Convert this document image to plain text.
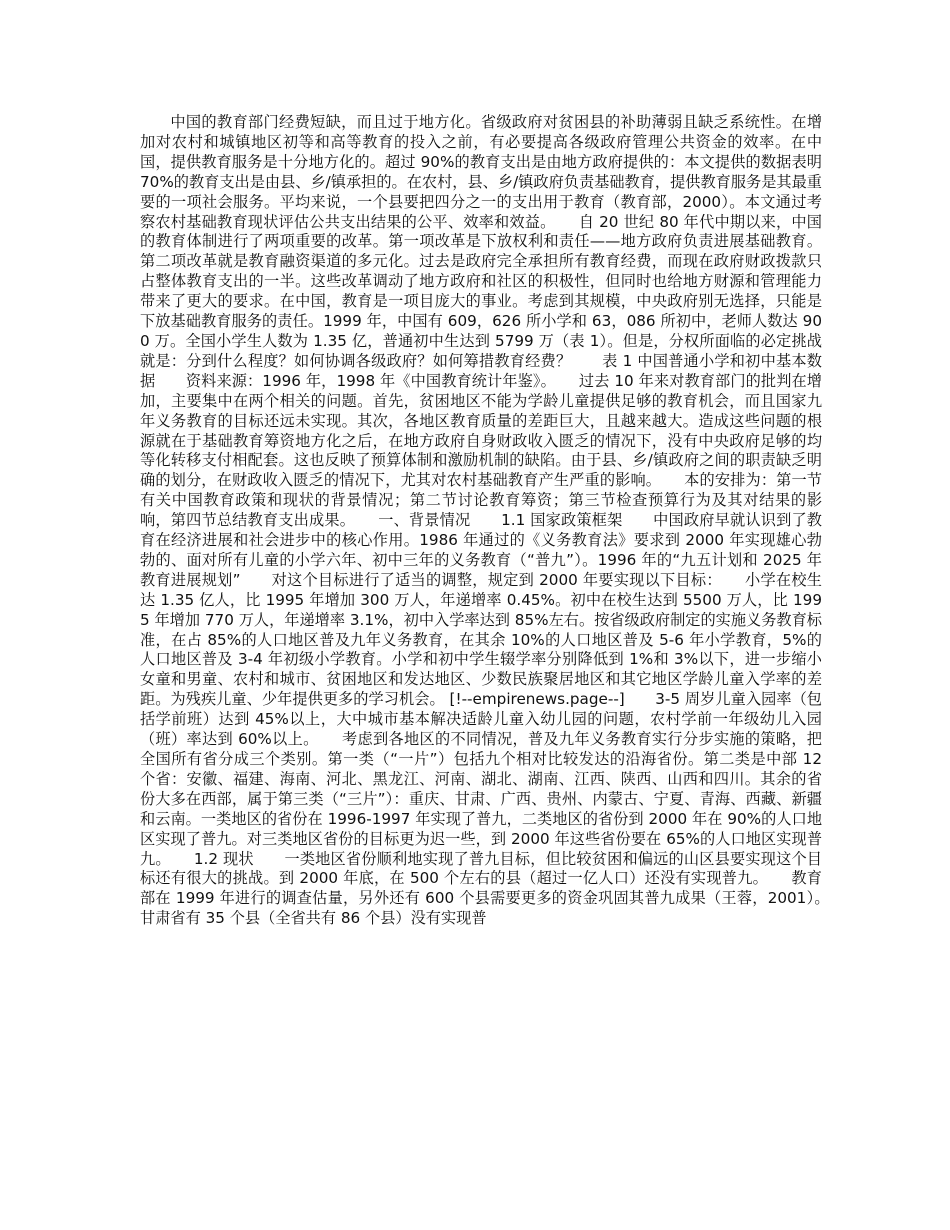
中国的教育部门经费短缺，而且过于地方化。省级政府对贫困县的补助薄弱且缺乏系统性。在增加对农村和城镇地区初等和高等教育的投入之前，有必要提高各级政府管理公共资金的效率。在中国，提供教育服务是十分地方化的。超过 90%的教育支出是由地方政府提供的：本文提供的数据表明 70%的教育支出是由县、乡/镇承担的。在农村，县、乡/镇政府负责基础教育，提供教育服务是其最重要的一项社会服务。平均来说，一个县要把四分之一的支出用于教育（教育部，2000）。本文通过考察农村基础教育现状评估公共支出结果的公平、效率和效益。　　自 20 世纪 80 年代中期以来，中国的教育体制进行了两项重要的改革。第一项改革是下放权利和责任——地方政府负责进展基础教育。第二项改革就是教育融资渠道的多元化。过去是政府完全承担所有教育经费，而现在政府财政拨款只占整体教育支出的一半。这些改革调动了地方政府和社区的积极性，但同时也给地方财源和管理能力带来了更大的要求。在中国，教育是一项目庞大的事业。考虑到其规模，中央政府别无选择，只能是下放基础教育服务的责任。1999 年，中国有 609，626 所小学和 63，086 所初中，老师人数达 900 万。全国小学生人数为 1.35 亿，普通初中生达到 5799 万（表 1）。但是，分权所面临的必定挑战就是：分到什么程度？如何协调各级政府？如何筹措教育经费？　　表 1 中国普通小学和初中基本数据　　资料来源：1996 年，1998 年《中国教育统计年鉴》。　　过去 10 年来对教育部门的批判在增加，主要集中在两个相关的问题。首先，贫困地区不能为学龄儿童提供足够的教育机会，而且国家九年义务教育的目标还远未实现。其次，各地区教育质量的差距巨大，且越来越大。造成这些问题的根源就在于基础教育筹资地方化之后，在地方政府自身财政收入匮乏的情况下，没有中央政府足够的均等化转移支付相配套。这也反映了预算体制和激励机制的缺陷。由于县、乡/镇政府之间的职责缺乏明确的划分，在财政收入匮乏的情况下，尤其对农村基础教育产生严重的影响。　　本的安排为：第一节有关中国教育政策和现状的背景情况；第二节讨论教育筹资；第三节检查预算行为及其对结果的影响，第四节总结教育支出成果。　　一、背景情况　　1.1 国家政策框架　　中国政府早就认识到了教育在经济进展和社会进步中的核心作用。1986 年通过的《义务教育法》要求到 2000 年实现雄心勃勃的、面对所有儿童的小学六年、初中三年的义务教育（“普九”）。1996 年的“九五计划和 2025 年教育进展规划”　　对这个目标进行了适当的调整，规定到 2000 年要实现以下目标：　　小学在校生达 1.35 亿人，比 1995 年增加 300 万人，年递增率 0.45%。初中在校生达到 5500 万人，比 1995 年增加 770 万人，年递增率 3.1%，初中入学率达到 85%左右。按省级政府制定的实施义务教育标准，在占 85%的人口地区普及九年义务教育，在其余 10%的人口地区普及 5-6 年小学教育，5%的人口地区普及 3-4 年初级小学教育。小学和初中学生辍学率分别降低到 1%和 3%以下，进一步缩小女童和男童、农村和城市、贫困地区和发达地区、少数民族聚居地区和其它地区学龄儿童入学率的差距。为残疾儿童、少年提供更多的学习机会。 [!--empirenews.page--]　　3-5 周岁儿童入园率（包括学前班）达到 45%以上，大中城市基本解决适龄儿童入幼儿园的问题，农村学前一年级幼儿入园（班）率达到 60%以上。　　考虑到各地区的不同情况，普及九年义务教育实行分步实施的策略，把全国所有省分成三个类别。第一类（“一片”）包括九个相对比较发达的沿海省份。第二类是中部 12 个省：安徽、福建、海南、河北、黑龙江、河南、湖北、湖南、江西、陕西、山西和四川。其余的省份大多在西部，属于第三类（“三片”）：重庆、甘肃、广西、贵州、内蒙古、宁夏、青海、西藏、新疆和云南。一类地区的省份在 1996-1997 年实现了普九，二类地区的省份到 2000 年在 90%的人口地区实现了普九。对三类地区省份的目标更为迟一些，到 2000 年这些省份要在 65%的人口地区实现普九。　　1.2 现状　　一类地区省份顺利地实现了普九目标，但比较贫困和偏远的山区县要实现这个目标还有很大的挑战。到 2000 年底，在 500 个左右的县（超过一亿人口）还没有实现普九。　　教育部在 1999 年进行的调查估量，另外还有 600 个县需要更多的资金巩固其普九成果（王蓉，2001）。　　甘肃省有 35 个县（全省共有 86 个县）没有实现普
